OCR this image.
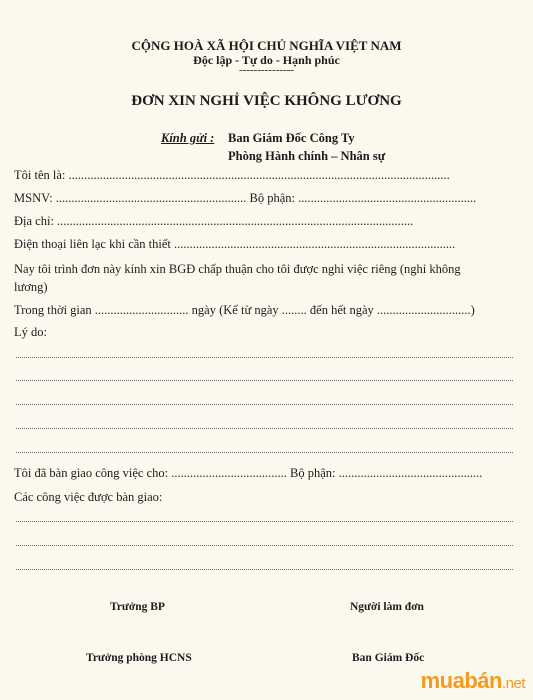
CỘNG HOÀ XÃ HỘI CHỦ NGHĨA VIỆT NAM
Độc lập - Tự do - Hạnh phúc
---------------
ĐƠN XIN NGHỈ VIỆC KHÔNG LƯƠNG
Kính gửi : Ban Giám Đốc Công Ty
Phòng Hành chính – Nhân sự
Tôi tên là: ..........................................................................................................................
MSNV: ............................................................. Bộ phận: .........................................................
Địa chỉ: ..................................................................................................................
Điện thoại liên lạc khi cần thiết ..........................................................................................
Nay tôi trình đơn này kính xin BGĐ chấp thuận cho tôi được nghỉ việc riêng (nghỉ không
lương)
Trong thời gian .............................. ngày (Kể từ ngày ........ đến hết ngày ..............................)
Lý do:
Tôi đã bàn giao công việc cho: ..................................... Bộ phận: ..............................................
Các công việc được bàn giao:
Trưởng BP	Người làm đơn
Trưởng phòng HCNS	Ban Giám Đốc
muabán.net
